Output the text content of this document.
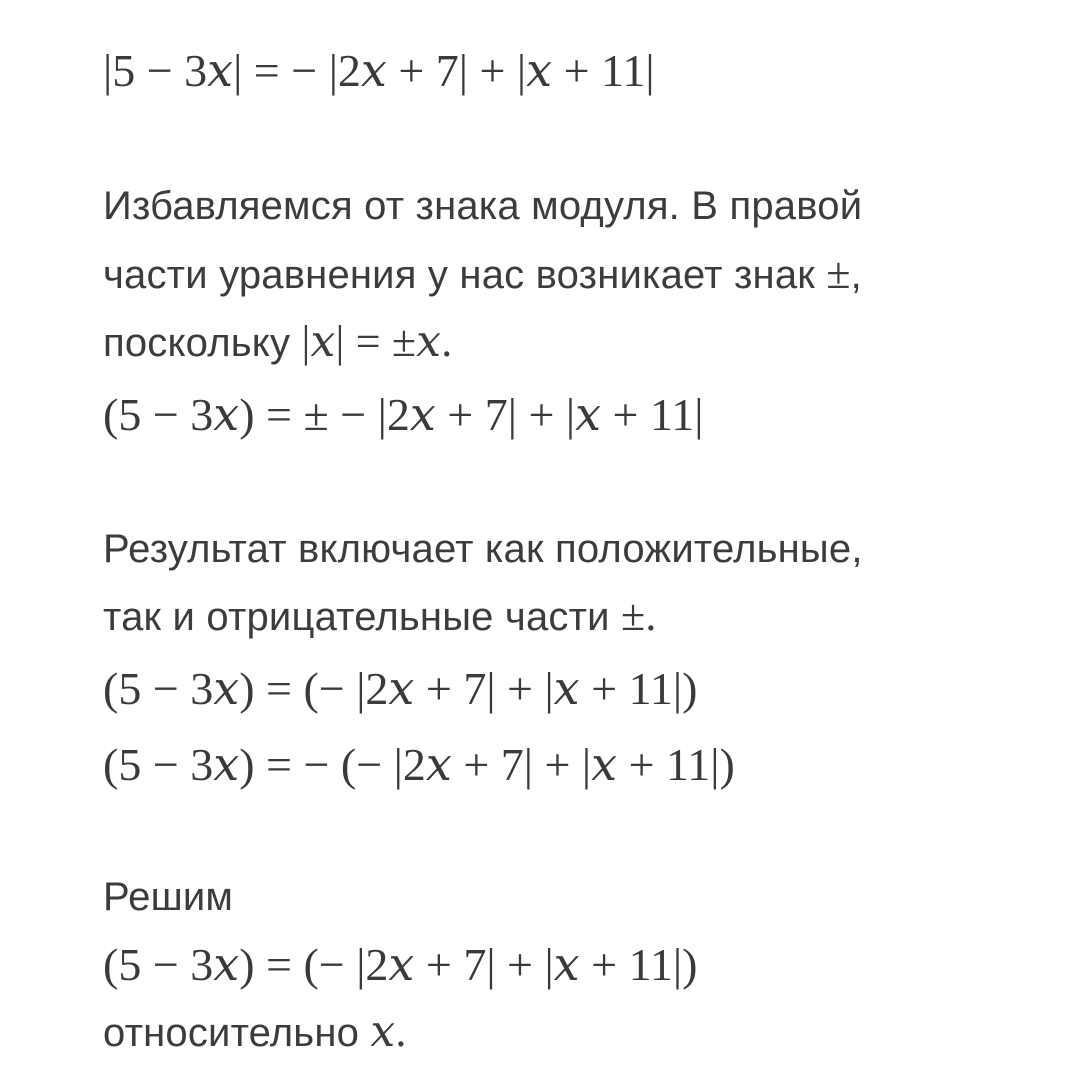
|5 − 3𝑥| = − |2𝑥 + 7| + |𝑥 + 11|
Избавляемся от знака модуля. В правой
части уравнения у нас возникает знак ±,
поскольку |𝑥| = ±𝑥.
(5 − 3𝑥) = ± − |2𝑥 + 7| + |𝑥 + 11|
Результат включает как положительные,
так и отрицательные части ±.
(5 − 3𝑥) = (− |2𝑥 + 7| + |𝑥 + 11|)
(5 − 3𝑥) = − (− |2𝑥 + 7| + |𝑥 + 11|)
Решим
(5 − 3𝑥) = (− |2𝑥 + 7| + |𝑥 + 11|)
относительно 𝑥.
